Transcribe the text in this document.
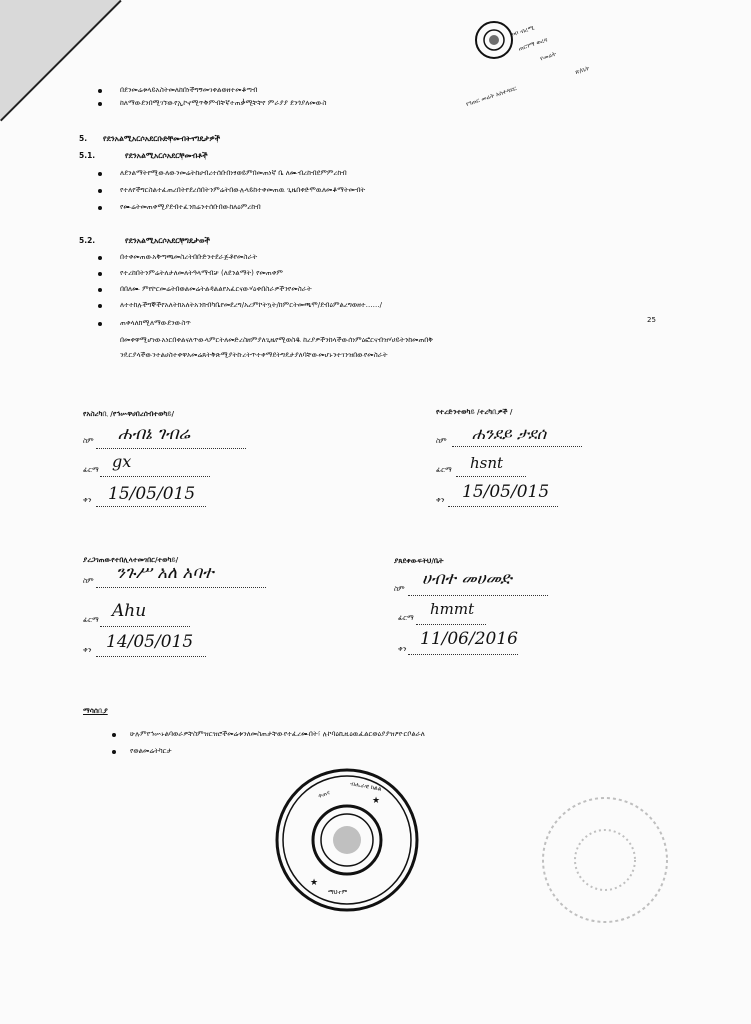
ጦቦ ብረሚ
ጠርገማ ወረዳ
የመሬት
የገጠር መሬት አስተዳደር
ጽ/ቤት
በደንመሬቱላይአስትመለከበነችግኝመገቀልወዘተመቆጣብ
ከለማውደንበሚገኘውየኢኮኖሚጥቅምብቸኛተጠቃሚቸቸየ ምራያያ ደንጎያለመውስ
5. የደንአልሚአርሶአደርቡድቸመብትናግዴታዎች
5.1.	የደንአልሚአርሶአደርቸመብቶች
ለደንልማትየሚውለውንመሬትከሀብረተሰቡበነፃወይምበመጠነኛ ቤ ለሙብረከብደምምረከብ
የተለየችግርስልተፈጠረበትየደረሰበትንምሬትበውሉላይከተቀመጠዉ ጊዜበቀድሞዉለመቆማትመብት
የሙሬትመጠቀሚያደብተፈንክሬንተሰቡበውከለዕምረከብ
5.2.	የደንአልሚአርሶአደርቸግዴታወች
በተቀመጠውአቅጣጫመስረትበቡድንተደራጅቶየመስራት
የተረከበትንምሬትለታለመለትዓላማብቻ (ለደንልማት) የመጠቀም
በበለሙ ምየኮርመሬትበወልመሬትልዳልልየአፈርናውሃዕቀበስራዎችንየመስራት
ለተተከሉችግኞችየአለትክአለትአንክብካቤየመደረግ/አረምኮትኳት/ከምርትመጫሞ/ደብዕምልረግወዘተ……/
ጠቀላለክሚለማውደንውስጥ	25
በመቀዋሚሆነውአነርበቀልናለጥውላምርትለመድረስዘምያለጊዜየሚወስዱ ከረያዎችንከላችውሰነምዕፎርናብዝሃሀይትንከመጠበቅ
ንዴርያላችውንተልሀስተቀዋአመሬጸትቅጽሚያትኩረትጥተቀማደትግዴታያለባቸውመሆኑንተገንዝበውየመስራት
የአስረካቢ /የኅሡዋሀበረሰብተወካይ/
ስም ሐብኔ ገብሬ
ፊርማ gx
ቀን 15/05/015
የተረድንተወካይ /ተረካቢዎች /
ስም ሐንደይ ታደሰ
ፊርማ hsnt
ቀን 15/05/015
ያረጋገጠውየተበሊላተመገበር/ተወካይ/
ስም ንጉሥ አለ አባተ
ፊርማ Ahu
ቀን 14/05/015
ያጸደቀውፍትህ/ቤት
ስም ሀብተ መሀመድ
ፊርማ hmmt
ቀን 11/06/2016
ማሳሰቢያ
ሁሉምየኅሡኑልባወራዎቸስምዝርዝሮችመሬቱንለመስጠታቸውየተፈረሙበት፣ ሉኮባዕኪዚዕዉፈልርወዕያያዝዖዮርቦልራለ
የወልመሬትካርታ
★
★
ቀጠና
ብሔራዊ ክልል
ማህተም
